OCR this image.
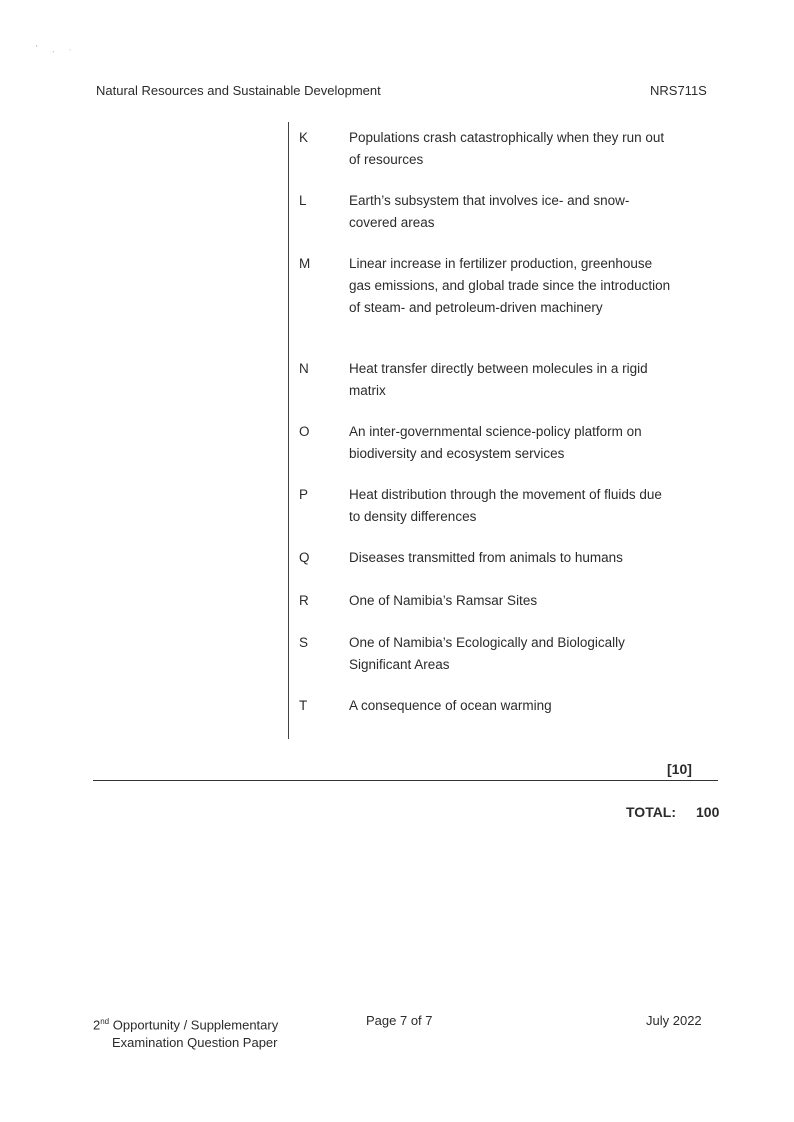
' ˏ ˒
Natural Resources and Sustainable Development	NRS711S
K	Populations crash catastrophically when they run out of resources
L	Earth’s subsystem that involves ice- and snow-covered areas
M	Linear increase in fertilizer production, greenhouse gas emissions, and global trade since the introduction of steam- and petroleum-driven machinery
N	Heat transfer directly between molecules in a rigid matrix
O	An inter-governmental science-policy platform on biodiversity and ecosystem services
P	Heat distribution through the movement of fluids due to density differences
Q	Diseases transmitted from animals to humans
R	One of Namibia’s Ramsar Sites
S	One of Namibia’s Ecologically and Biologically Significant Areas
T	A consequence of ocean warming
[10]
TOTAL: 100
2nd Opportunity / Supplementary
Examination Question Paper
Page 7 of 7	July 2022
